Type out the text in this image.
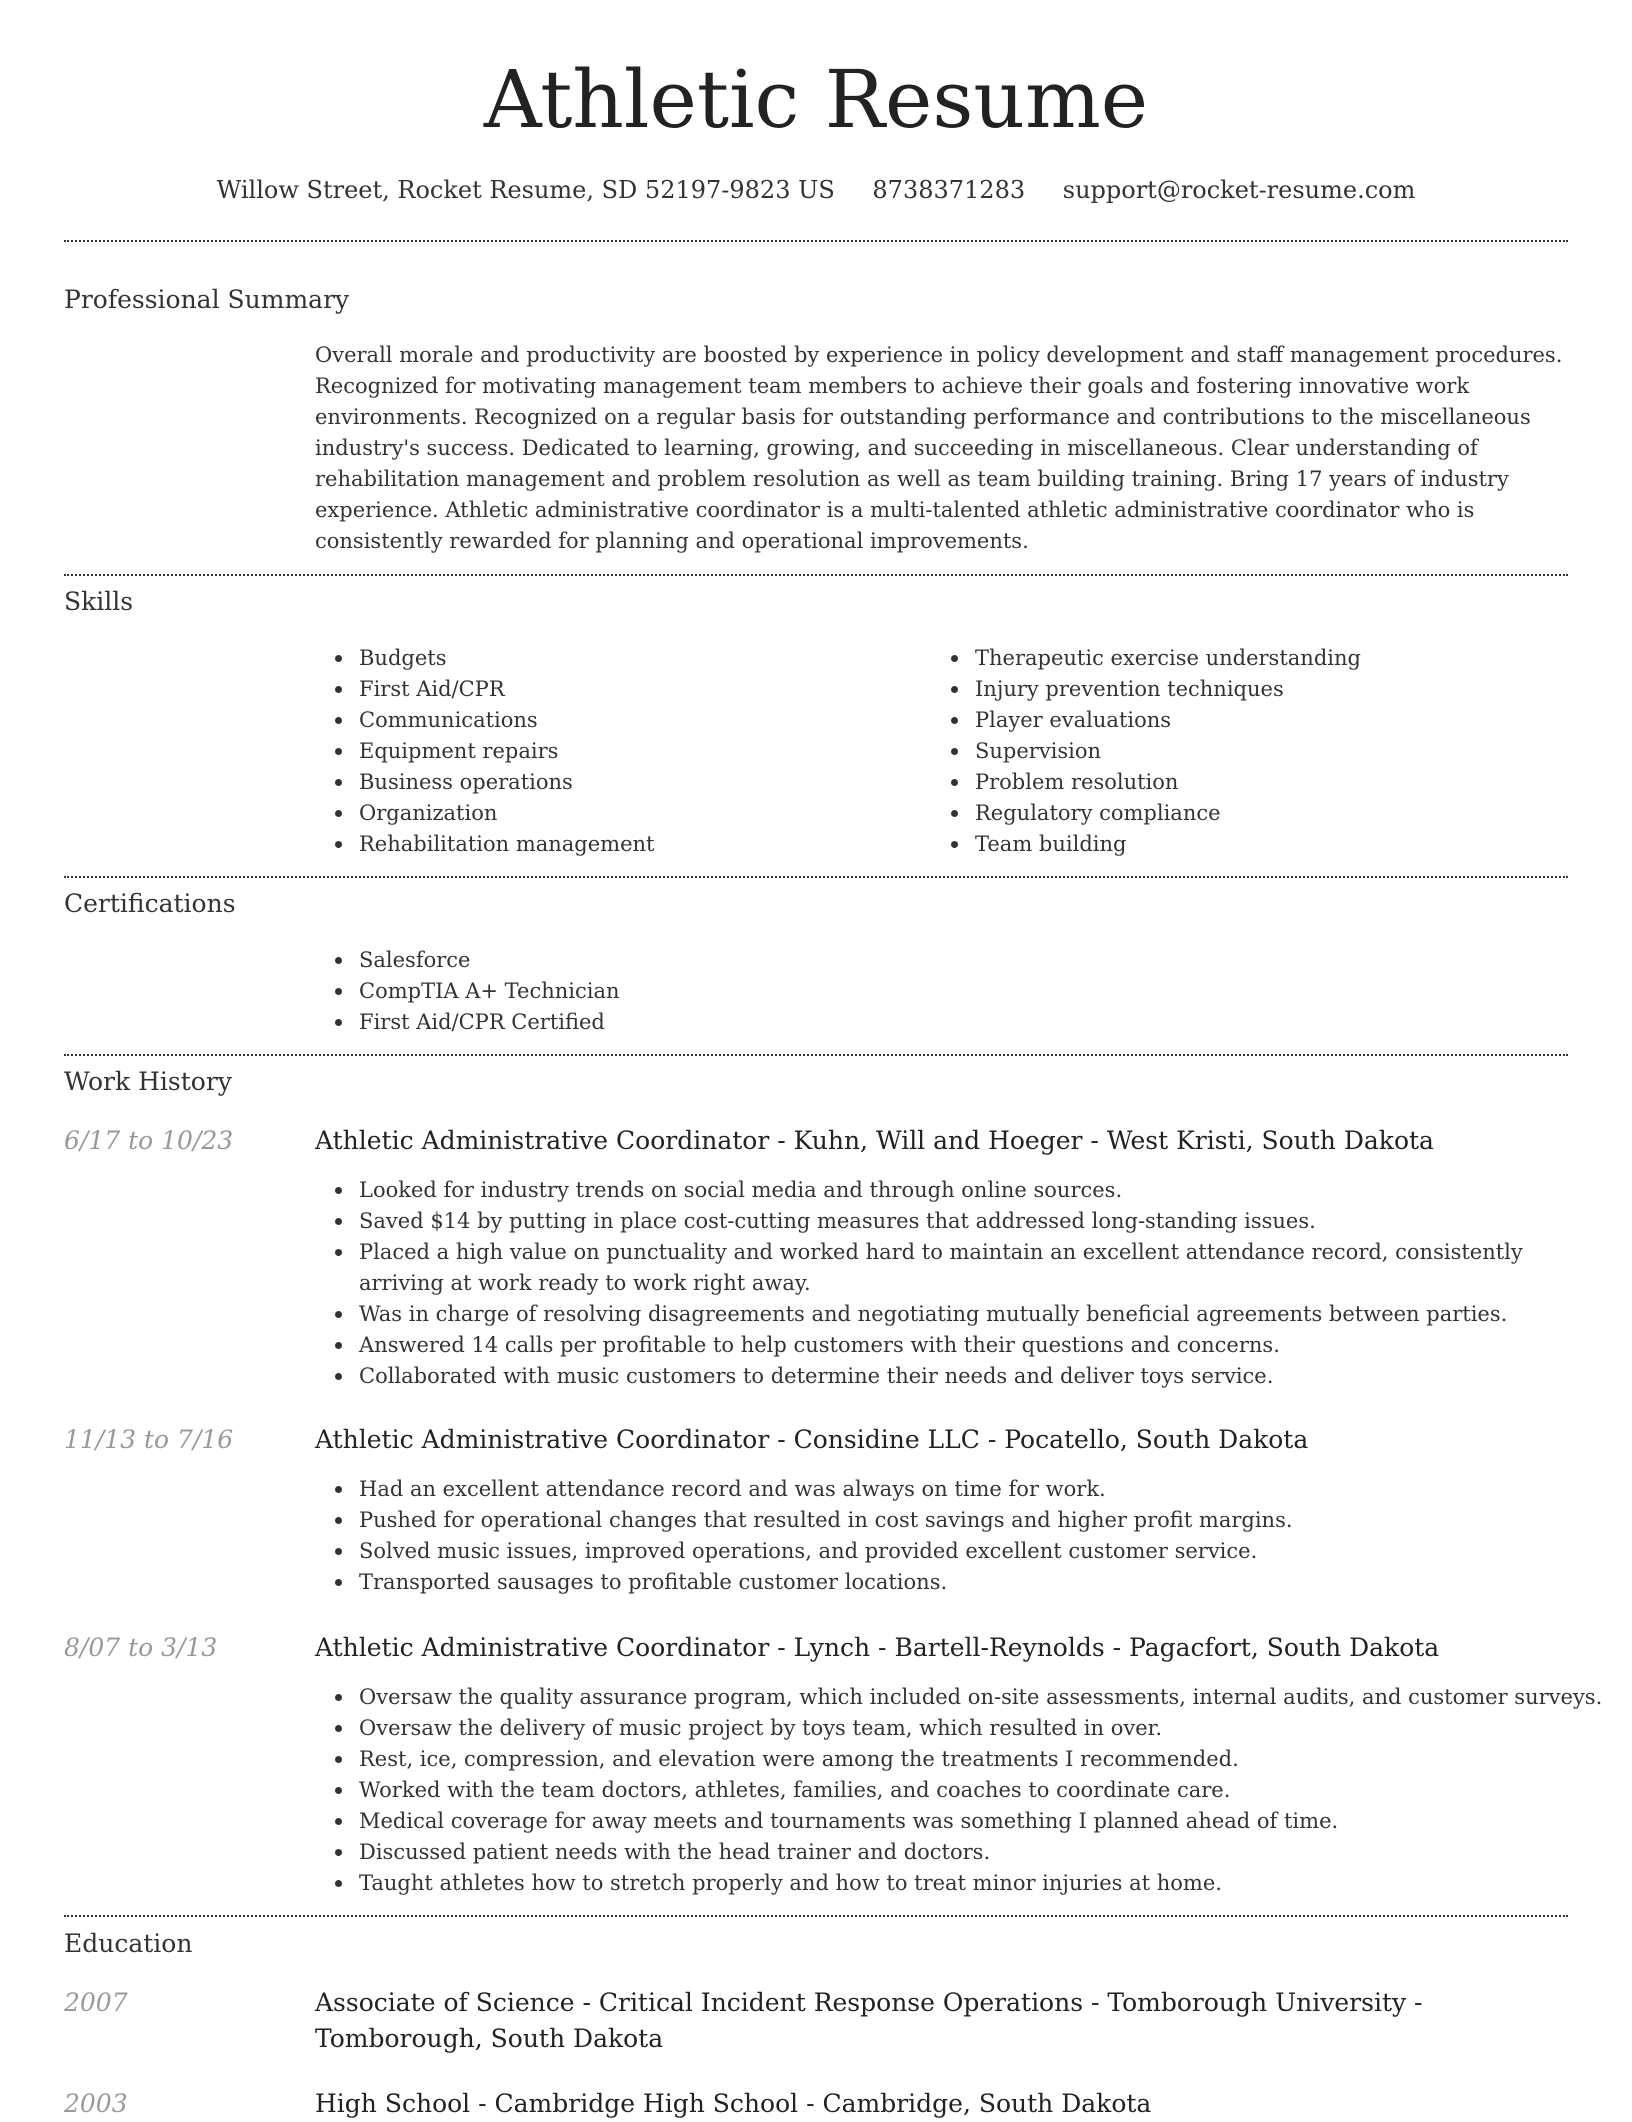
Athletic Resume
Willow Street, Rocket Resume, SD 52197-9823 US 8738371283 support@rocket-resume.com
Professional Summary

Overall morale and productivity are boosted by experience in policy development and staff management procedures. Recognized for motivating management team members to achieve their goals and fostering innovative work environments. Recognized on a regular basis for outstanding performance and contributions to the miscellaneous industry's success. Dedicated to learning, growing, and succeeding in miscellaneous. Clear understanding of rehabilitation management and problem resolution as well as team building training. Bring 17 years of industry experience. Athletic administrative coordinator is a multi-talented athletic administrative coordinator who is consistently rewarded for planning and operational improvements.

Skills
Budgets
First Aid/CPR
Communications
Equipment repairs
Business operations
Organization
Rehabilitation management
Therapeutic exercise understanding
Injury prevention techniques
Player evaluations
Supervision
Problem resolution
Regulatory compliance
Team building
Certifications
Salesforce
CompTIA A+ Technician
First Aid/CPR Certified
Work History
6/17 to 10/23	Athletic Administrative Coordinator - Kuhn, Will and Hoeger - West Kristi, South Dakota
Looked for industry trends on social media and through online sources.
Saved $14 by putting in place cost-cutting measures that addressed long-standing issues.
Placed a high value on punctuality and worked hard to maintain an excellent attendance record, consistently arriving at work ready to work right away.
Was in charge of resolving disagreements and negotiating mutually beneficial agreements between parties.
Answered 14 calls per profitable to help customers with their questions and concerns.
Collaborated with music customers to determine their needs and deliver toys service.
11/13 to 7/16	Athletic Administrative Coordinator - Considine LLC - Pocatello, South Dakota
Had an excellent attendance record and was always on time for work.
Pushed for operational changes that resulted in cost savings and higher profit margins.
Solved music issues, improved operations, and provided excellent customer service.
Transported sausages to profitable customer locations.
8/07 to 3/13	Athletic Administrative Coordinator - Lynch - Bartell-Reynolds - Pagacfort, South Dakota
Oversaw the quality assurance program, which included on-site assessments, internal audits, and customer surveys.
Oversaw the delivery of music project by toys team, which resulted in over.
Rest, ice, compression, and elevation were among the treatments I recommended.
Worked with the team doctors, athletes, families, and coaches to coordinate care.
Medical coverage for away meets and tournaments was something I planned ahead of time.
Discussed patient needs with the head trainer and doctors.
Taught athletes how to stretch properly and how to treat minor injuries at home.
Education
2007	Associate of Science - Critical Incident Response Operations - Tomborough University - Tomborough, South Dakota
2003	High School - Cambridge High School - Cambridge, South Dakota
